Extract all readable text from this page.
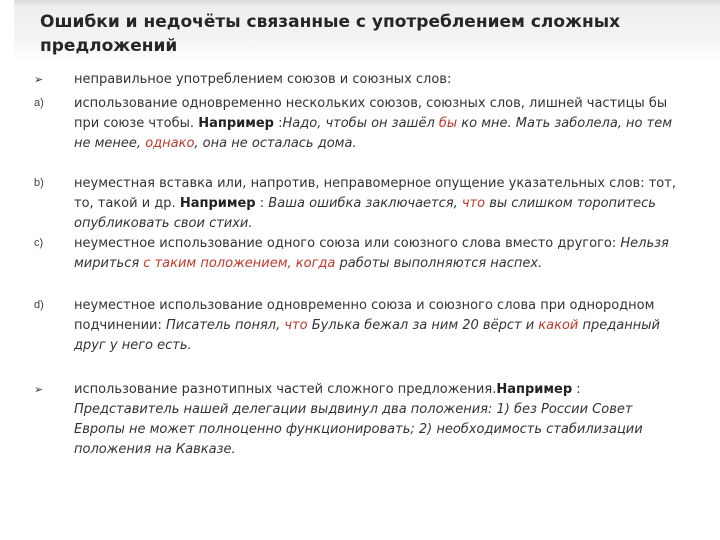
Ошибки и недочёты связанные с употреблением сложных предложений
➢ неправильное употреблением союзов и союзных слов:
a) использование одновременно нескольких союзов, союзных слов, лишней частицы бы при союзе чтобы. Например :Надо, чтобы он зашёл бы ко мне. Мать заболела, но тем не менее, однако, она не осталась дома.
b) неуместная вставка или, напротив, неправомерное опущение указательных слов: тот, то, такой и др. Например : Ваша ошибка заключается, что вы слишком торопитесь опубликовать свои стихи.
c) неуместное использование одного союза или союзного слова вместо другого: Нельзя мириться с таким положением, когда работы выполняются наспех.
d) неуместное использование одновременно союза и союзного слова при однородном подчинении: Писатель понял, что Булька бежал за ним 20 вёрст и какой преданный друг у него есть.
➢ использование разнотипных частей сложного предложения.Например : Представитель нашей делегации выдвинул два положения: 1) без России Совет Европы не может полноценно функционировать; 2) необходимость стабилизации положения на Кавказе.
